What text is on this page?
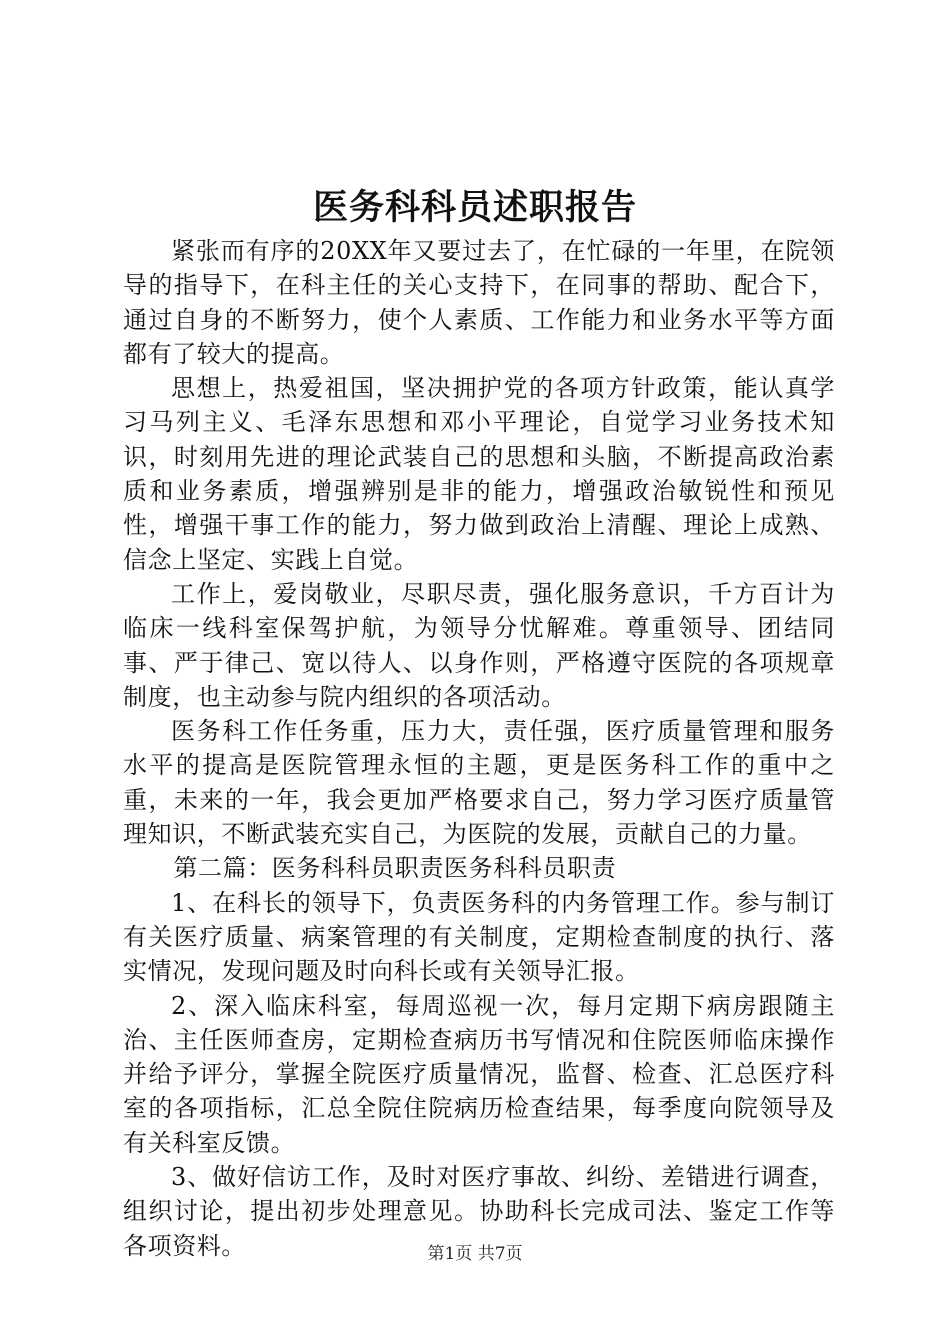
医务科科员述职报告

紧张而有序的20XX年又要过去了，在忙碌的一年里，在院领导的指导下，在科主任的关心支持下，在同事的帮助、配合下，通过自身的不断努力，使个人素质、工作能力和业务水平等方面都有了较大的提高。

思想上，热爱祖国，坚决拥护党的各项方针政策，能认真学习马列主义、毛泽东思想和邓小平理论，自觉学习业务技术知识，时刻用先进的理论武装自己的思想和头脑，不断提高政治素质和业务素质，增强辨别是非的能力，增强政治敏锐性和预见性，增强干事工作的能力，努力做到政治上清醒、理论上成熟、信念上坚定、实践上自觉。

工作上，爱岗敬业，尽职尽责，强化服务意识，千方百计为临床一线科室保驾护航，为领导分忧解难。尊重领导、团结同事、严于律己、宽以待人、以身作则，严格遵守医院的各项规章制度，也主动参与院内组织的各项活动。

医务科工作任务重，压力大，责任强，医疗质量管理和服务水平的提高是医院管理永恒的主题，更是医务科工作的重中之重，未来的一年，我会更加严格要求自己，努力学习医疗质量管理知识，不断武装充实自己，为医院的发展，贡献自己的力量。

第二篇：医务科科员职责医务科科员职责

1、在科长的领导下，负责医务科的内务管理工作。参与制订有关医疗质量、病案管理的有关制度，定期检查制度的执行、落实情况，发现问题及时向科长或有关领导汇报。

2、深入临床科室，每周巡视一次，每月定期下病房跟随主治、主任医师查房，定期检查病历书写情况和住院医师临床操作并给予评分，掌握全院医疗质量情况，监督、检查、汇总医疗科室的各项指标，汇总全院住院病历检查结果，每季度向院领导及有关科室反馈。

3、做好信访工作，及时对医疗事故、纠纷、差错进行调查，组织讨论，提出初步处理意见。协助科长完成司法、鉴定工作等各项资料。	第1页 共7页
